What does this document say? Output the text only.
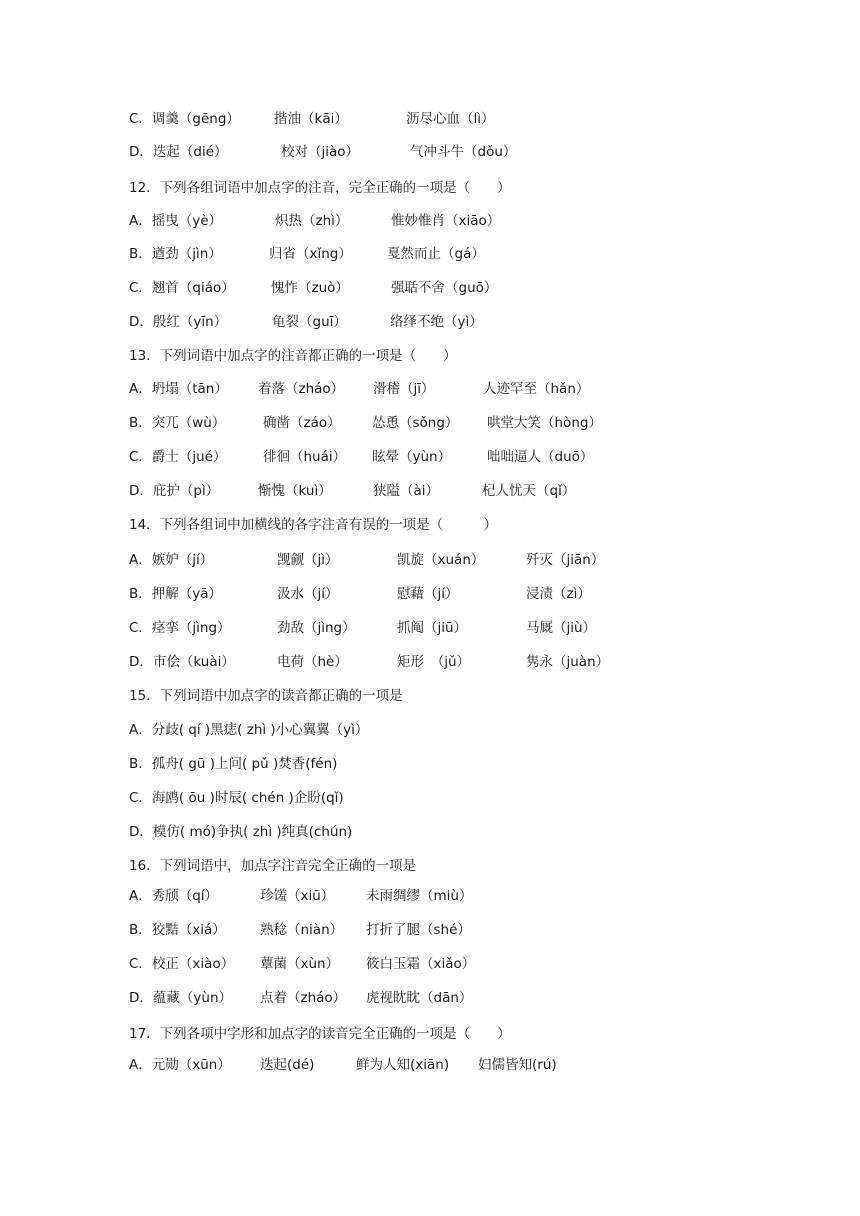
C．调羹（gēng）	揩油（kāi）	沥尽心血（lì）
D．迭起（dié）	校对（jiào）	气冲斗牛（dǒu）
12．下列各组词语中加点字的注音，完全正确的一项是（　　）
A．摇曳（yè）	炽热（zhì）	惟妙惟肖（xiāo）
B．遒劲（jìn）	归省（xǐng）	戛然而止（gá）
C．翘首（qiáo）	愧怍（zuò）	强聒不舍（guō）
D．殷红（yīn）	龟裂（guī）	络绎不绝（yì）
13．下列词语中加点字的注音都正确的一项是（　　）
A．坍塌（tān） 着落（zháo） 滑稽（jī）	人迹罕至（hǎn）
B．突兀（wù）	确凿（záo） 怂恿（sǒng） 哄堂大笑（hòng）
C．爵士（jué）	徘徊（huái） 眩晕（yùn）	咄咄逼人（duō）
D．庇护（pì）	惭愧（kuì）	狭隘（ài）	杞人忧天（qǐ）
14．下列各组词中加横线的各字注音有误的一项是（　　　）
A．嫉妒（jí）	觊觎（jì）	凯旋（xuán）	歼灭（jiān）
B．押解（yā）	汲水（jí）	慰藉（jí）	浸渍（zì）
C．痉挛（jìng）	劲敌（jìng）	抓阄（jiū）	马厩（jiù）
D．市侩（kuài）	电荷（hè）	矩形　（jǔ）	隽永（juàn）
15．下列词语中加点字的读音都正确的一项是
A．分歧( qí )黑痣( zhì )小心翼翼（yì）
B．孤舟( gū )上问( pǔ )焚香(fén)
C．海鸥( ōu )时辰( chén )企盼(qǐ)
D．模仿( mó)争执( zhì )纯真(chún)
16．下列词语中，加点字注音完全正确的一项是
A．秀颀（qí）	珍馐（xiū） 未雨绸缪（miù）
B．狡黠（xiá）	熟稔（niàn） 打折了腿（shé）
C．校正（xiào） 蕈菌（xùn） 筱白玉霜（xiǎo）
D．蕴藏（yùn） 点着（zháo） 虎视眈眈（dān）
17．下列各项中字形和加点字的读音完全正确的一项是（　　）
A．元勋（xūn） 迭起(dé)	鲜为人知(xiān) 妇儒皆知(rú)
